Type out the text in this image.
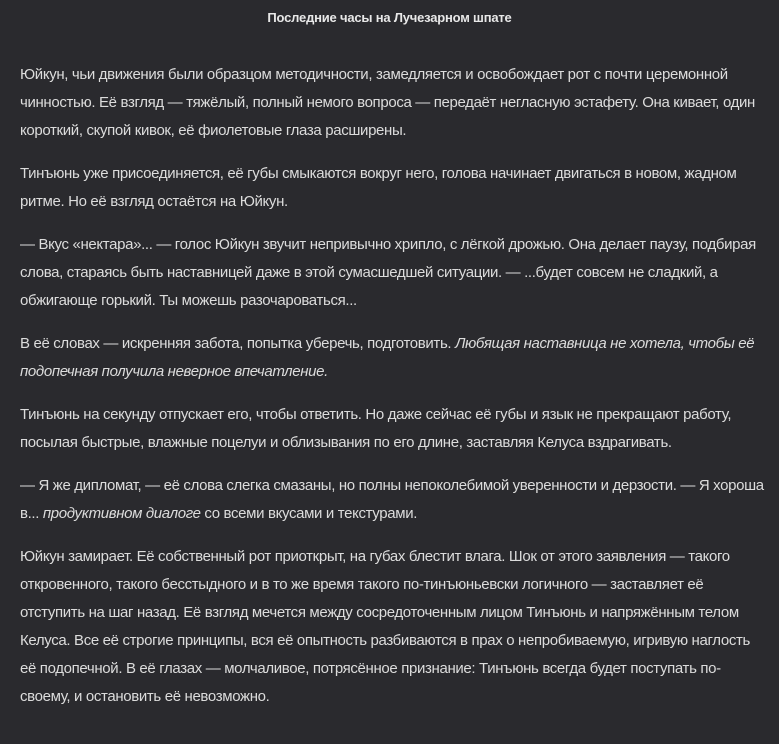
Последние часы на Лучезарном шпате

Юйкун, чьи движения были образцом методичности, замедляется и освобождает рот с почти церемонной чинностью. Её взгляд — тяжёлый, полный немого вопроса — передаёт негласную эстафету. Она кивает, один короткий, скупой кивок, её фиолетовые глаза расширены.

Тинъюнь уже присоединяется, её губы смыкаются вокруг него, голова начинает двигаться в новом, жадном ритме. Но её взгляд остаётся на Юйкун.

— Вкус «нектара»... — голос Юйкун звучит непривычно хрипло, с лёгкой дрожью. Она делает паузу, подбирая слова, стараясь быть наставницей даже в этой сумасшедшей ситуации. — ...будет совсем не сладкий, а обжигающе горький. Ты можешь разочароваться...

В её словах — искренняя забота, попытка уберечь, подготовить. Любящая наставница не хотела, чтобы её подопечная получила неверное впечатление.

Тинъюнь на секунду отпускает его, чтобы ответить. Но даже сейчас её губы и язык не прекращают работу, посылая быстрые, влажные поцелуи и облизывания по его длине, заставляя Келуса вздрагивать.

— Я же дипломат, — её слова слегка смазаны, но полны непоколебимой уверенности и дерзости. — Я хороша в... продуктивном диалоге со всеми вкусами и текстурами.

Юйкун замирает. Её собственный рот приоткрыт, на губах блестит влага. Шок от этого заявления — такого откровенного, такого бесстыдного и в то же время такого по-тинъюньевски логичного — заставляет её отступить на шаг назад. Её взгляд мечется между сосредоточенным лицом Тинъюнь и напряжённым телом Келуса. Все её строгие принципы, вся её опытность разбиваются в прах о непробиваемую, игривую наглость её подопечной. В её глазах — молчаливое, потрясённое признание: Тинъюнь всегда будет поступать по-своему, и остановить её невозможно.
